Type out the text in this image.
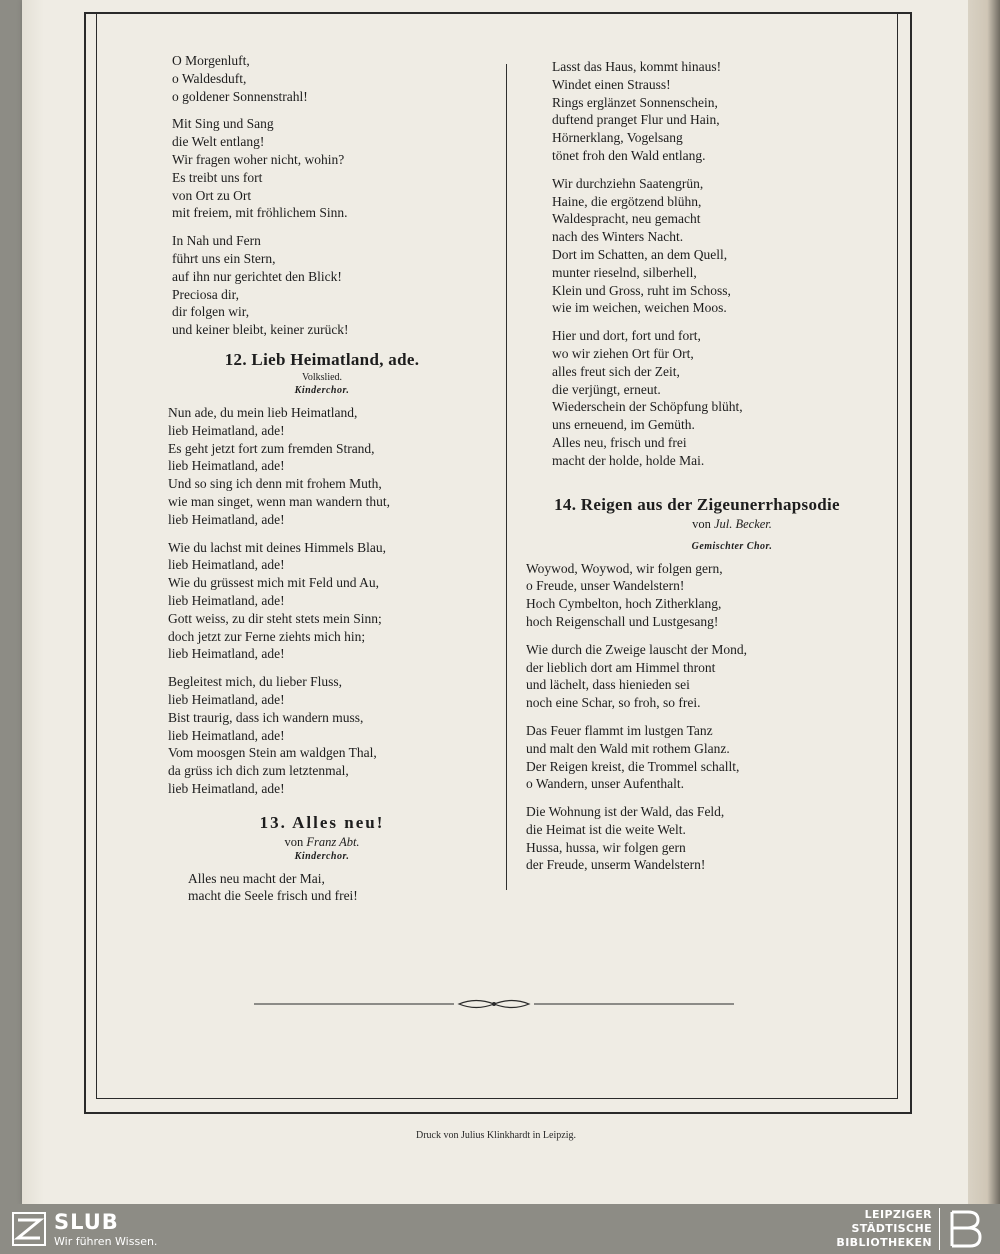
O Morgenluft,
o Waldesduft,
o goldener Sonnenstrahl!
Mit Sing und Sang
die Welt entlang!
Wir fragen woher nicht, wohin?
Es treibt uns fort
von Ort zu Ort
mit freiem, mit fröhlichem Sinn.
In Nah und Fern
führt uns ein Stern,
auf ihn nur gerichtet den Blick!
Preciosa dir,
dir folgen wir,
und keiner bleibt, keiner zurück!
12. Lieb Heimatland, ade.
Volkslied.
Kinderchor.
Nun ade, du mein lieb Heimatland,
lieb Heimatland, ade!
Es geht jetzt fort zum fremden Strand,
lieb Heimatland, ade!
Und so sing ich denn mit frohem Muth,
wie man singet, wenn man wandern thut,
lieb Heimatland, ade!
Wie du lachst mit deines Himmels Blau,
lieb Heimatland, ade!
Wie du grüssest mich mit Feld und Au,
lieb Heimatland, ade!
Gott weiss, zu dir steht stets mein Sinn;
doch jetzt zur Ferne ziehts mich hin;
lieb Heimatland, ade!
Begleitest mich, du lieber Fluss,
lieb Heimatland, ade!
Bist traurig, dass ich wandern muss,
lieb Heimatland, ade!
Vom moosgen Stein am waldgen Thal,
da grüss ich dich zum letztenmal,
lieb Heimatland, ade!
13. Alles neu!
von Franz Abt.
Kinderchor.
Alles neu macht der Mai,
macht die Seele frisch und frei!
Lasst das Haus, kommt hinaus!
Windet einen Strauss!
Rings erglänzet Sonnenschein,
duftend pranget Flur und Hain,
Hörnerklang, Vogelsang
tönet froh den Wald entlang.
Wir durchziehn Saatengrün,
Haine, die ergötzend blühn,
Waldespracht, neu gemacht
nach des Winters Nacht.
Dort im Schatten, an dem Quell,
munter rieselnd, silberhell,
Klein und Gross, ruht im Schoss,
wie im weichen, weichen Moos.
Hier und dort, fort und fort,
wo wir ziehen Ort für Ort,
alles freut sich der Zeit,
die verjüngt, erneut.
Wiederschein der Schöpfung blüht,
uns erneuend, im Gemüth.
Alles neu, frisch und frei
macht der holde, holde Mai.
14. Reigen aus der Zigeunerrhapsodie
von Jul. Becker.
Gemischter Chor.
Woywod, Woywod, wir folgen gern,
o Freude, unser Wandelstern!
Hoch Cymbelton, hoch Zitherklang,
hoch Reigenschall und Lustgesang!
Wie durch die Zweige lauscht der Mond,
der lieblich dort am Himmel thront
und lächelt, dass hienieden sei
noch eine Schar, so froh, so frei.
Das Feuer flammt im lustgen Tanz
und malt den Wald mit rothem Glanz.
Der Reigen kreist, die Trommel schallt,
o Wandern, unser Aufenthalt.
Die Wohnung ist der Wald, das Feld,
die Heimat ist die weite Welt.
Hussa, hussa, wir folgen gern
der Freude, unserm Wandelstern!
Druck von Julius Klinkhardt in Leipzig.
SLUB
Wir führen Wissen.
LEIPZIGER
STÄDTISCHE
BIBLIOTHEKEN
